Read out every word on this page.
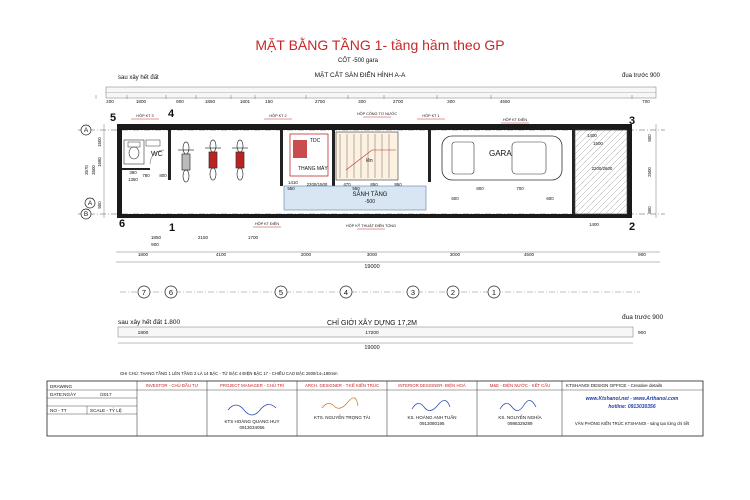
MẶT BẰNG TẦNG 1- tầng hầm theo GP
CỐT -500 gara
sau xây hết đất	MẶT CẮT SÀN ĐIỂN HÌNH A-A	đua trước 900
200	1800	900	1850	1801	150	2750	300	2700	300	4550	700
WC
TDC
THANG MÁY
lên
SẢNH TẦNG
-500
GARA
HỘP KT 3	HỘP KT 2	HỘP CÔNG TƠ NƯỚC	HỘP KT 1
HỘP KT ĐIỆN	HỘP KỸ THUẬT ĐIỆN TỔNG
HỘP KT ĐIỆN
380
1350
780 800
1410
550
2200/1500	470
550
850	950
1400
1500
1400
2200/2600
800	700
600	600
A
A
B
5	4
3
6	1	2
1500
3500
3570
1680
500
500
2500
500
1850
900
2150	1700
1800	4100	2000	3000	3000	4500	900
19000
7	6	5	4	3	2	1
sau xây hết đất 1.800	CHỈ GIỚI XÂY DỰNG 17,2M
đua trước 900
1800	17200	900
19000
GHI CHÚ: THANG TẦNG 1 LÊN TẦNG 2 LÀ 14 BẬC - TỪ BẬC 4 ĐIỆN BẬC 17 - CHIỀU CAO BẬC 2500/14=180mm
DRAWING
DATE:NGÀY	/2017
NO - TT	SCALE - TỶ LỆ
INVESTOR - CHỦ ĐẦU TƯ	PROJECT MANAGER - CHỦ TRÌ
KTS HOÀNG QUANG HUY
0913034056
ARCH. DESIGNER - T.KẾ KIẾN TRÚC
KTS. NGUYỄN TRỌNG TÀI
INTERIOR DESIGNER- ĐIỆN HOÀ
KS. HOÀNG ANH TUẤN
0913080195
M&E - ĐIỆN NƯỚC - KẾT CẤU
KS. NGUYỄN NGHĨA
0986329289
KTSHANOI DESIGN OFFICE - Creative details
www.Ktshanoi.net - www.Arthanoi.com
hotline: 0913030356
VĂN PHÒNG KIẾN TRÚC KTSHANOI - sáng tạo từng chi tiết
